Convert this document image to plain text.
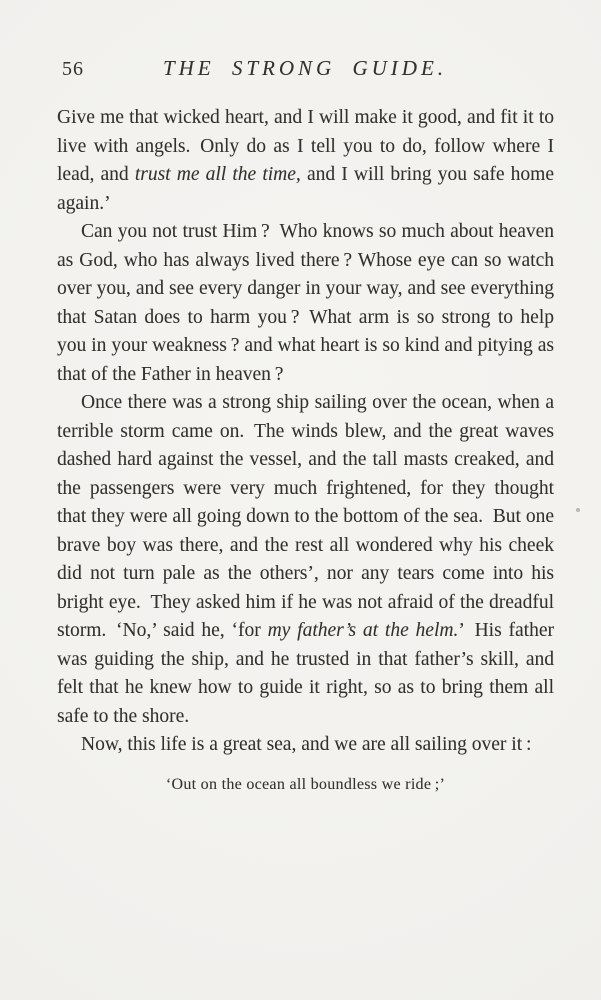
56	THE STRONG GUIDE.

Give me that wicked heart, and I will make it good, and fit it to live with angels. Only do as I tell you to do, follow where I lead, and trust me all the time, and I will bring you safe home again.’

Can you not trust Him ? Who knows so much about heaven as God, who has always lived there ? Whose eye can so watch over you, and see every danger in your way, and see everything that Satan does to harm you ? What arm is so strong to help you in your weakness ? and what heart is so kind and pitying as that of the Father in heaven ?

Once there was a strong ship sailing over the ocean, when a terrible storm came on. The winds blew, and the great waves dashed hard against the vessel, and the tall masts creaked, and the passengers were very much frightened, for they thought that they were all going down to the bottom of the sea. But one brave boy was there, and the rest all wondered why his cheek did not turn pale as the others’, nor any tears come into his bright eye. They asked him if he was not afraid of the dreadful storm. ‘No,’ said he, ‘for my father’s at the helm.’ His father was guiding the ship, and he trusted in that father’s skill, and felt that he knew how to guide it right, so as to bring them all safe to the shore.

Now, this life is a great sea, and we are all sailing over it :

‘Out on the ocean all boundless we ride ;’
